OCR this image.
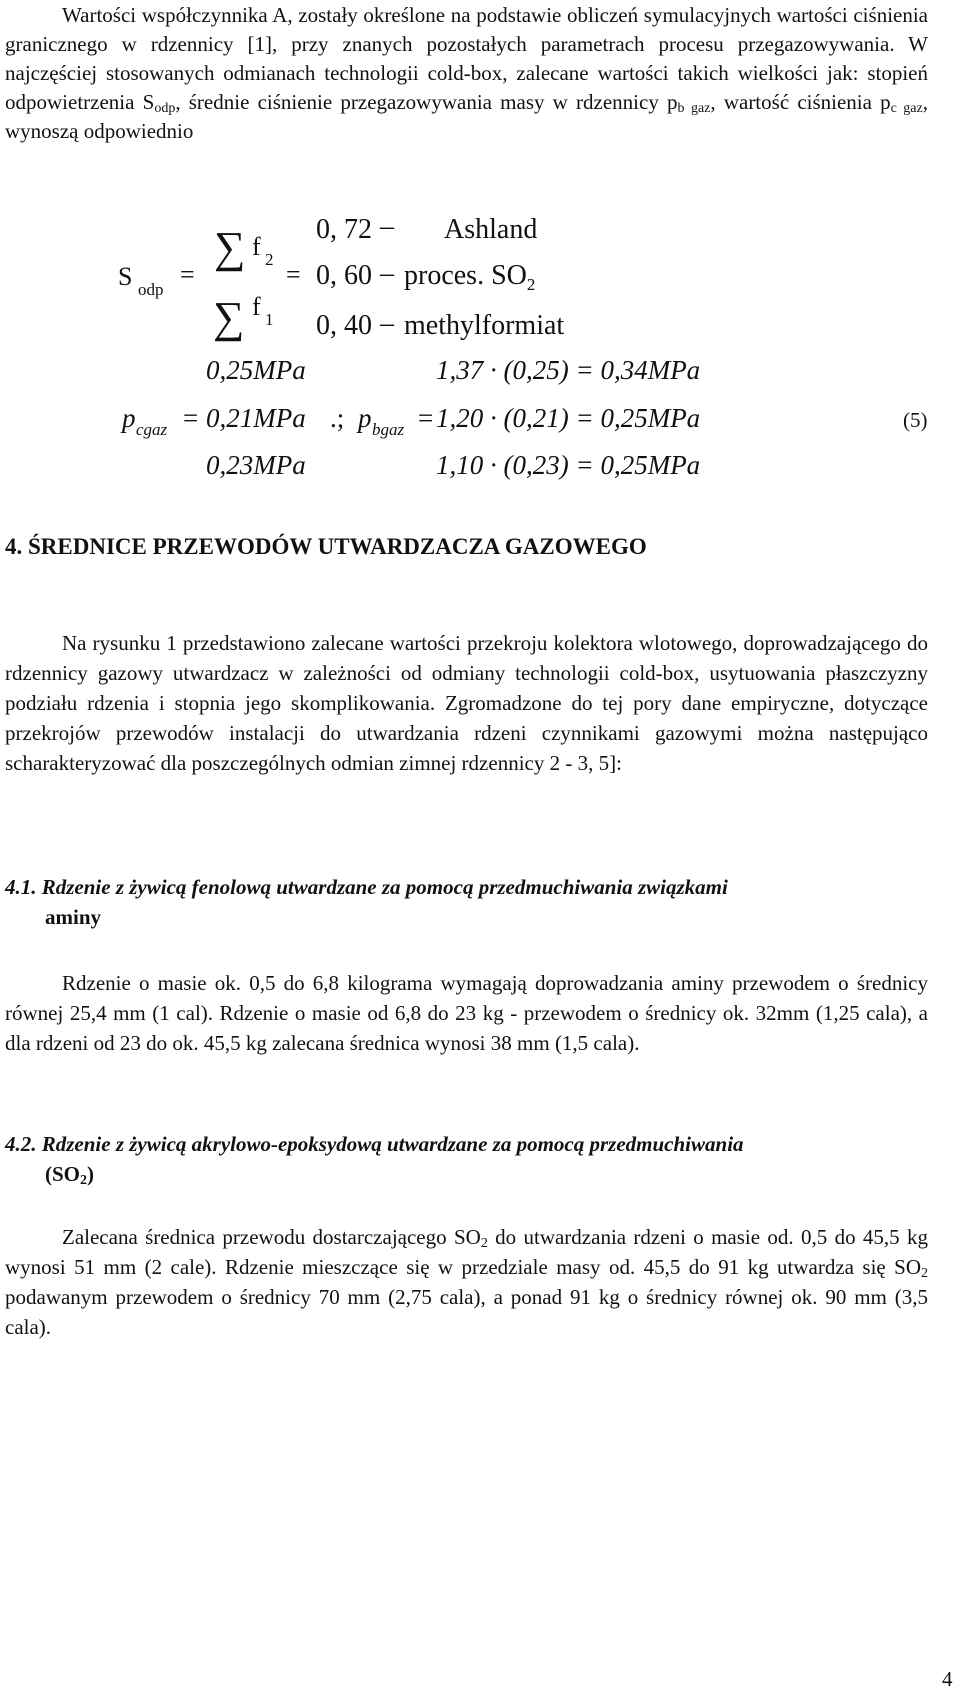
Wartości współczynnika A, zostały określone na podstawie obliczeń symulacyjnych wartości ciśnienia granicznego w rdzennicy [1], przy znanych pozostałych parametrach procesu przegazowywania. W najczęściej stosowanych odmianach technologii cold-box, zalecane wartości takich wielkości jak: stopień odpowietrzenia $S_{odp}$, średnie ciśnienie przegazowywania masy w rdzennicy $p_{b gaz}$, wartość ciśnienia $p_{c gaz}$, wynoszą odpowiednio

S odp
=
∑ f 2
∑ f 1
=
0, 72 – Ashland
0, 60 – proces. $SO_2$
0, 40 – methylformiat
0,25MPa	1,37 · (0,25) = 0,34MPa
p cgaz = 0,21MPa .; p bgaz = 1,20 · (0,21) = 0,25MPa	(5)
0,23MPa	1,10 · (0,23) = 0,25MPa

4. ŚREDNICE PRZEWODÓW UTWARDZACZA GAZOWEGO

Na rysunku 1 przedstawiono zalecane wartości przekroju kolektora wlotowego, doprowadzającego do rdzennicy gazowy utwardzacz w zależności od odmiany technologii cold-box, usytuowania płaszczyzny podziału rdzenia i stopnia jego skomplikowania. Zgromadzone do tej pory dane empiryczne, dotyczące przekrojów przewodów instalacji do utwardzania rdzeni czynnikami gazowymi można następująco scharakteryzować dla poszczególnych odmian zimnej rdzennicy 2 - 3, 5]:

4.1. Rdzenie z żywicą fenolową utwardzane za pomocą przedmuchiwania związkami
aminy

Rdzenie o masie ok. 0,5 do 6,8 kilograma wymagają doprowadzania aminy przewodem o średnicy równej 25,4 mm (1 cal). Rdzenie o masie od 6,8 do 23 kg - przewodem o średnicy ok. 32mm (1,25 cala), a dla rdzeni od 23 do ok. 45,5 kg zalecana średnica wynosi 38 mm (1,5 cala).

4.2. Rdzenie z żywicą akrylowo-epoksydową utwardzane za pomocą przedmuchiwania
$(SO_2)$

Zalecana średnica przewodu dostarczającego $SO_2$ do utwardzania rdzeni o masie od. 0,5 do 45,5 kg wynosi 51 mm (2 cale). Rdzenie mieszczące się w przedziale masy od. 45,5 do 91 kg utwardza się $SO_2$ podawanym przewodem o średnicy 70 mm (2,75 cala), a ponad 91 kg o średnicy równej ok. 90 mm (3,5 cala).

4
